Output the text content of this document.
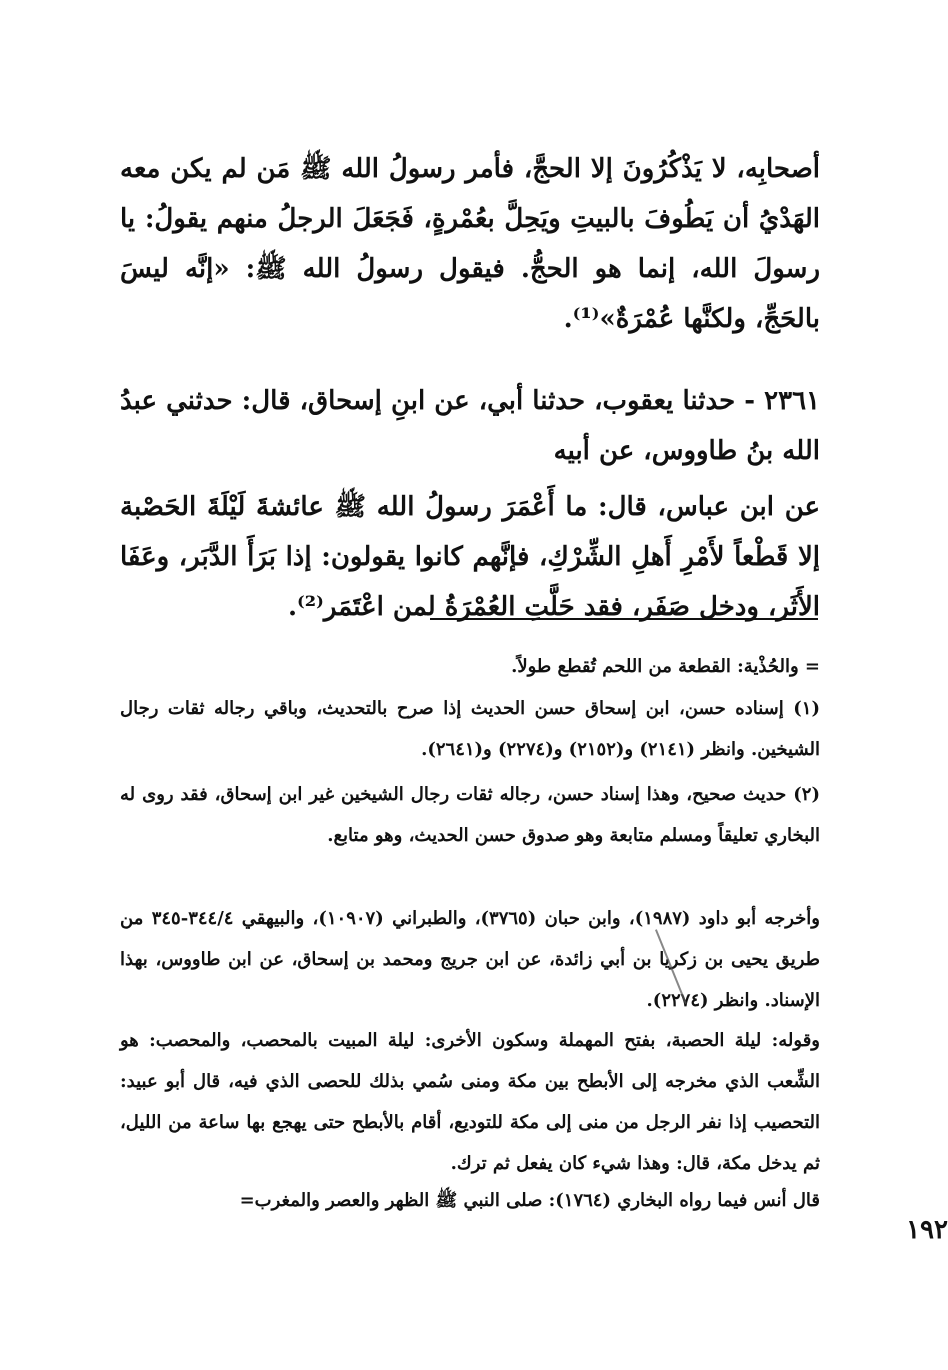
أصحابِه، لا يَذْكُرُونَ إلا الحجَّ، فأمر رسولُ الله ﷺ مَن لم يكن معه الهَدْيُ أن يَطُوفَ بالبيتِ ويَحِلَّ بعُمْرةٍ، فَجَعَلَ الرجلُ منهم يقولُ: يا رسولَ الله، إنما هو الحجُّ. فيقول رسولُ الله ﷺ: «إنَّه ليسَ بالحَجِّ، ولكنَّها عُمْرَةٌ»⁽¹⁾.

٢٣٦١ - حدثنا يعقوب، حدثنا أبي، عن ابنِ إسحاق، قال: حدثني عبدُ الله بنُ طاووس، عن أبيه

عن ابن عباس، قال: ما أَعْمَرَ رسولُ الله ﷺ عائشةَ لَيْلَةَ الحَصْبة إلا قَطْعاً لأَمْرِ أَهلِ الشِّرْكِ، فإنَّهم كانوا يقولون: إذا بَرَأَ الدَّبَر، وعَفَا الأَثَر، ودخل صَفَر، فقد حَلَّتِ العُمْرَةُ لمن اعْتَمَر⁽²⁾.

= والحُذْية: القطعة من اللحم تُقطع طولاً.

(١) إسناده حسن، ابن إسحاق حسن الحديث إذا صرح بالتحديث، وباقي رجاله ثقات رجال الشيخين. وانظر (٢١٤١) و(٢١٥٢) و(٢٢٧٤) و(٢٦٤١).

(٢) حديث صحيح، وهذا إسناد حسن، رجاله ثقات رجال الشيخين غير ابن إسحاق، فقد روى له البخاري تعليقاً ومسلم متابعة وهو صدوق حسن الحديث، وهو متابع.

وأخرجه أبو داود (١٩٨٧)، وابن حبان (٣٧٦٥)، والطبراني (١٠٩٠٧)، والبيهقي ٣٤٤/٤-٣٤٥ من طريق يحيى بن زكريا بن أبي زائدة، عن ابن جريج ومحمد بن إسحاق، عن ابن طاووس، بهذا الإسناد. وانظر (٢٢٧٤).

وقوله: ليلة الحصبة، بفتح المهملة وسكون الأخرى: ليلة المبيت بالمحصب، والمحصب: هو الشِّعب الذي مخرجه إلى الأبطح بين مكة ومنى سُمي بذلك للحصى الذي فيه، قال أبو عبيد: التحصيب إذا نفر الرجل من منى إلى مكة للتوديع، أقام بالأبطح حتى يهجع بها ساعة من الليل، ثم يدخل مكة، قال: وهذا شيء كان يفعل ثم ترك.

قال أنس فيما رواه البخاري (١٧٦٤): صلى النبي ﷺ الظهر والعصر والمغرب=

١٩٢
